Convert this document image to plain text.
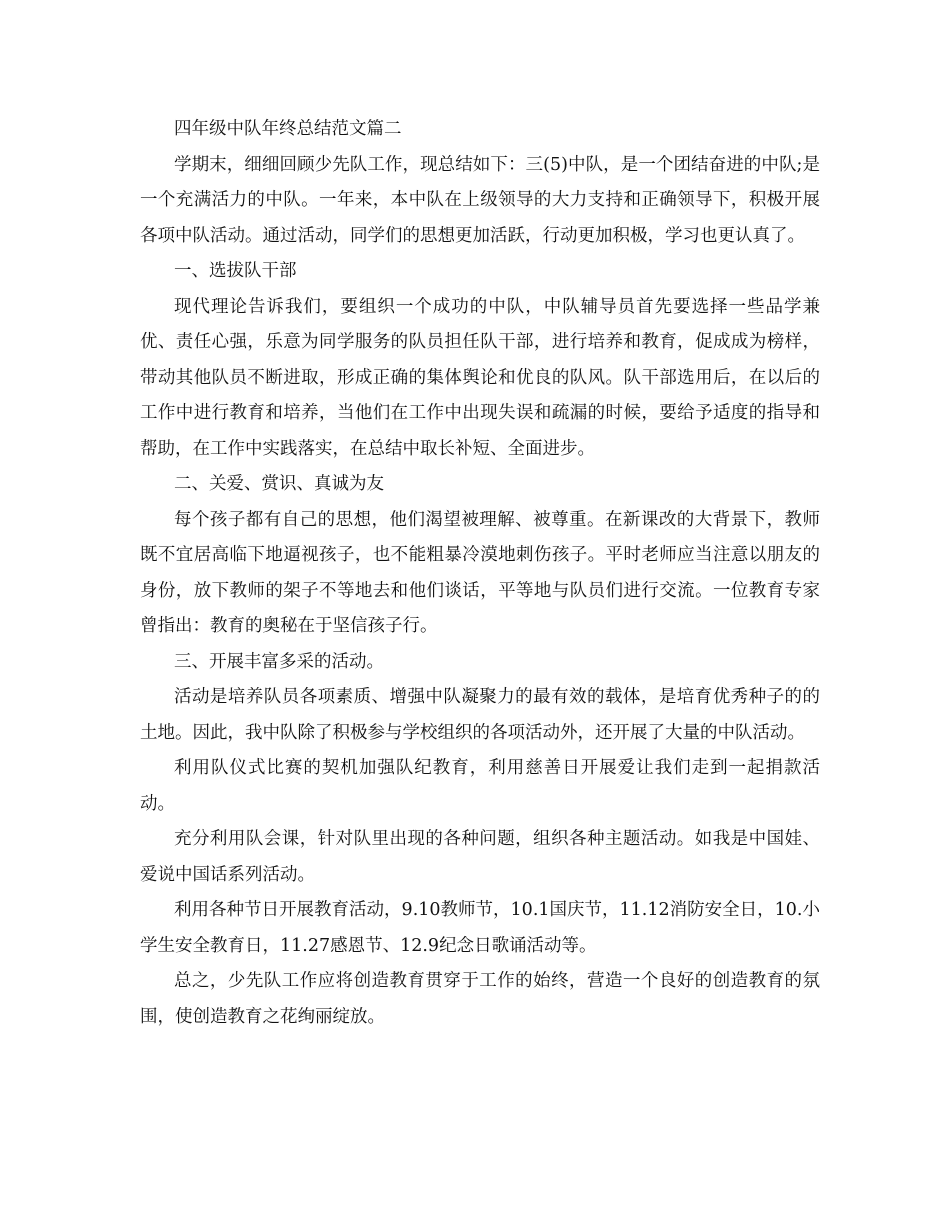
四年级中队年终总结范文篇二

学期末，细细回顾少先队工作，现总结如下：三(5)中队，是一个团结奋进的中队;是一个充满活力的中队。一年来，本中队在上级领导的大力支持和正确领导下，积极开展各项中队活动。通过活动，同学们的思想更加活跃，行动更加积极，学习也更认真了。

一、选拔队干部

现代理论告诉我们，要组织一个成功的中队，中队辅导员首先要选择一些品学兼优、责任心强，乐意为同学服务的队员担任队干部，进行培养和教育，促成成为榜样，带动其他队员不断进取，形成正确的集体舆论和优良的队风。队干部选用后，在以后的工作中进行教育和培养，当他们在工作中出现失误和疏漏的时候，要给予适度的指导和帮助，在工作中实践落实，在总结中取长补短、全面进步。

二、关爱、赏识、真诚为友

每个孩子都有自己的思想，他们渴望被理解、被尊重。在新课改的大背景下，教师既不宜居高临下地逼视孩子，也不能粗暴冷漠地刺伤孩子。平时老师应当注意以朋友的身份，放下教师的架子不等地去和他们谈话，平等地与队员们进行交流。一位教育专家曾指出：教育的奥秘在于坚信孩子行。

三、开展丰富多采的活动。

活动是培养队员各项素质、增强中队凝聚力的最有效的载体，是培育优秀种子的的土地。因此，我中队除了积极参与学校组织的各项活动外，还开展了大量的中队活动。

利用队仪式比赛的契机加强队纪教育，利用慈善日开展爱让我们走到一起捐款活动。

充分利用队会课，针对队里出现的各种问题，组织各种主题活动。如我是中国娃、爱说中国话系列活动。

利用各种节日开展教育活动，9.10教师节，10.1国庆节，11.12消防安全日，10.小学生安全教育日，11.27感恩节、12.9纪念日歌诵活动等。

总之，少先队工作应将创造教育贯穿于工作的始终，营造一个良好的创造教育的氛围，使创造教育之花绚丽绽放。
